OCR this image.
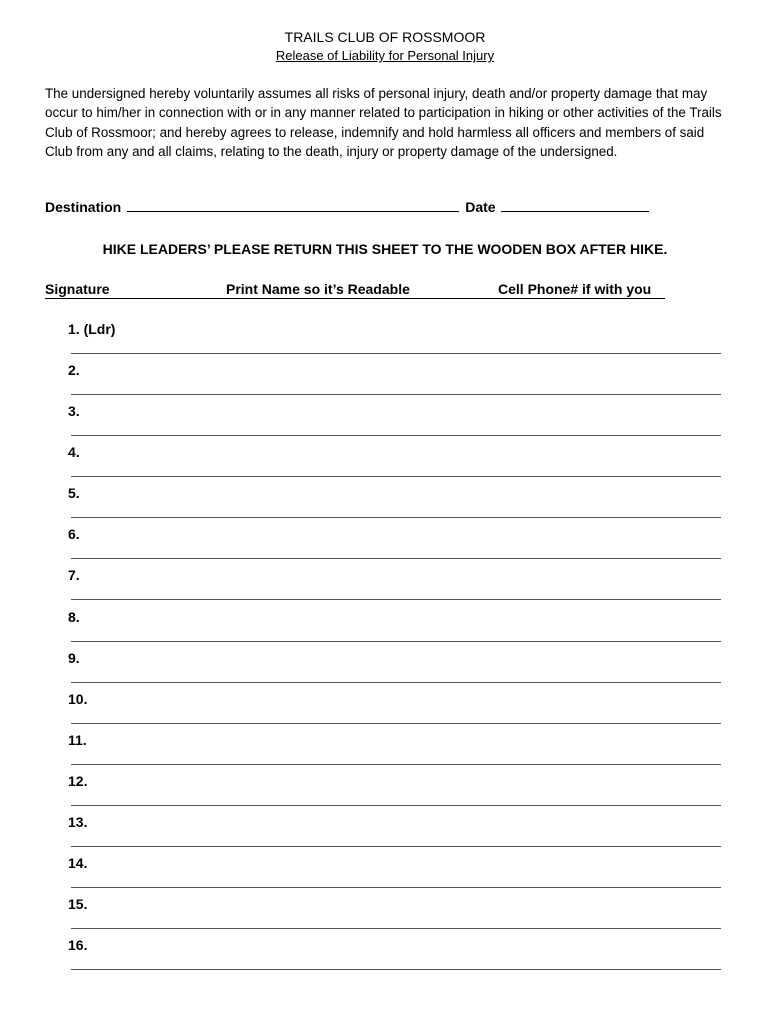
TRAILS CLUB OF ROSSMOOR
Release of Liability for Personal Injury

The undersigned hereby voluntarily assumes all risks of personal injury, death and/or property damage that may occur to him/her in connection with or in any manner related to participation in hiking or other activities of the Trails Club of Rossmoor; and hereby agrees to release, indemnify and hold harmless all officers and members of said Club from any and all claims, relating to the death, injury or property damage of the undersigned.

Destination	Date
HIKE LEADERS’ PLEASE RETURN THIS SHEET TO THE WOODEN BOX AFTER HIKE.
Signature	Print Name so it’s Readable	Cell Phone# if with you
1. (Ldr)
2.
3.
4.
5.
6.
7.
8.
9.
10.
11.
12.
13.
14.
15.
16.
